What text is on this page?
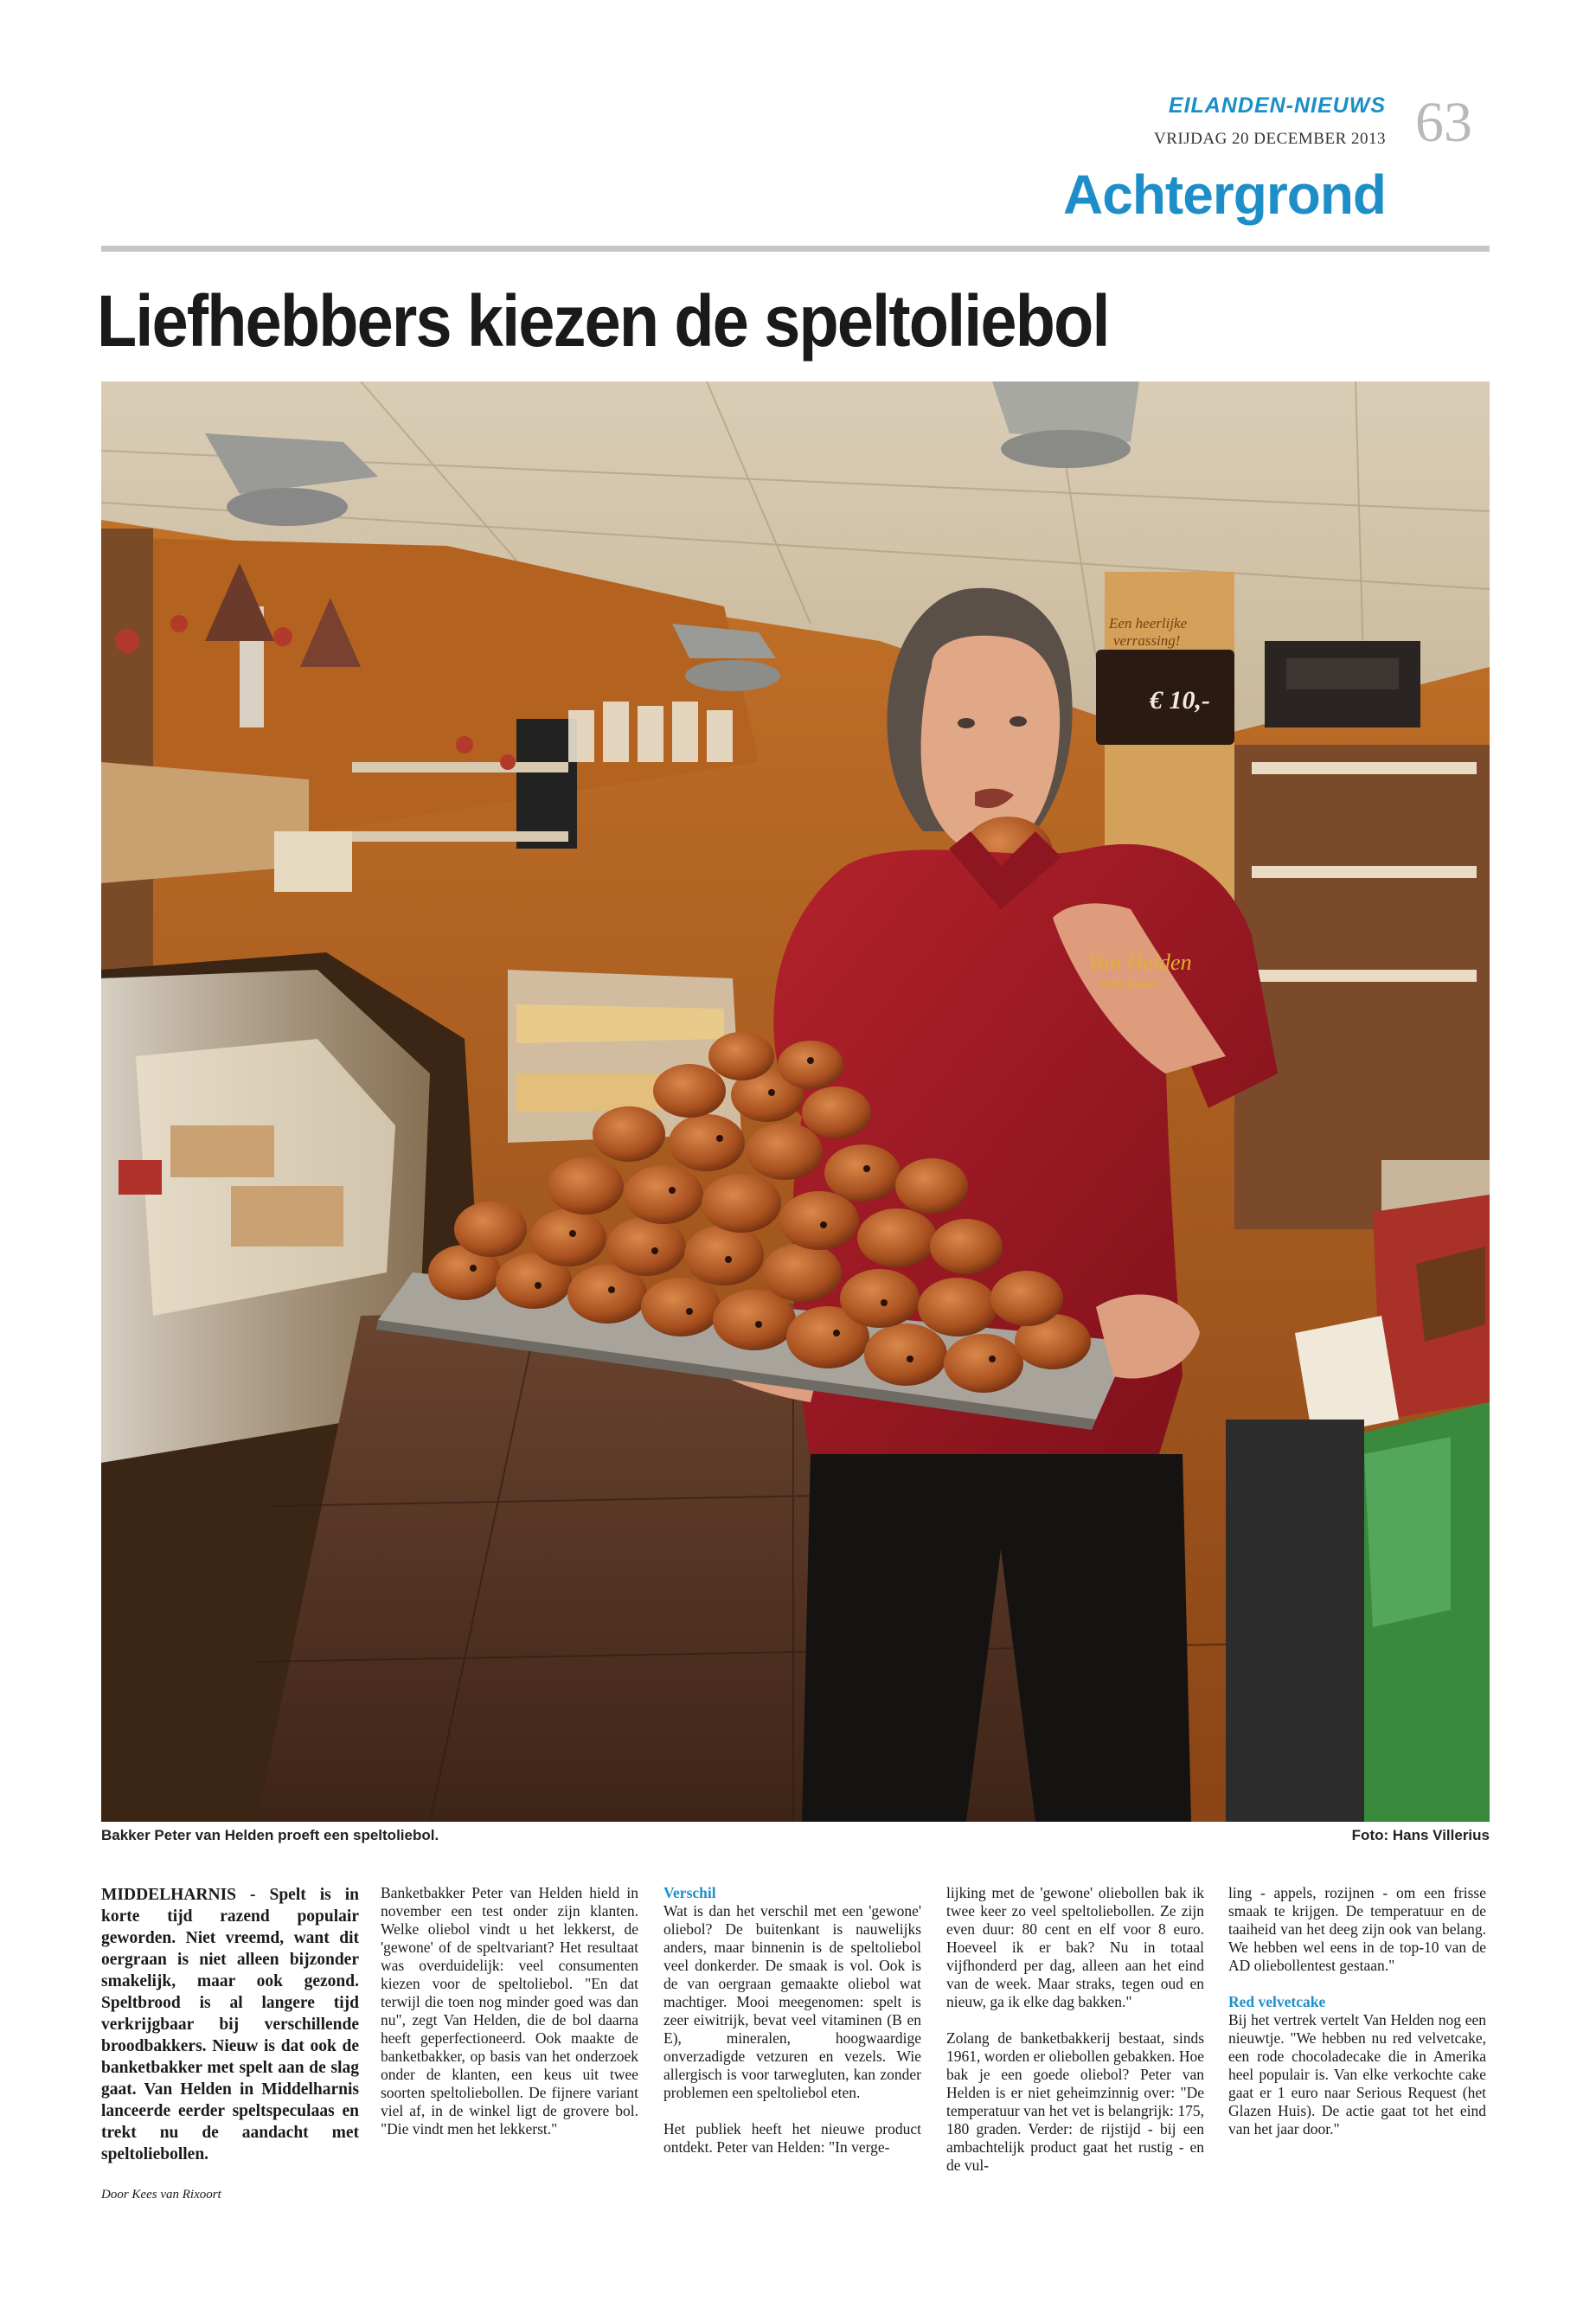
EILANDEN-NIEUWS
VRIJDAG 20 DECEMBER 2013 63
Achtergrond
Liefhebbers kiezen de speltoliebol
Een heerlijke
verrassing!
€ 10,-
Van Helden
echte bakker
Bakker Peter van Helden proeft een speltoliebol.	Foto: Hans Villerius
MIDDELHARNIS - Spelt is in korte tijd razend populair geworden. Niet vreemd, want dit oergraan is niet alleen bijzonder smakelijk, maar ook gezond. Speltbrood is al langere tijd verkrijgbaar bij verschillende broodbakkers. Nieuw is dat ook de banketbakker met spelt aan de slag gaat. Van Helden in Middelharnis lanceerde eerder speltspeculaas en trekt nu de aandacht met speltoliebollen.
Door Kees van Rixoort

Banketbakker Peter van Helden hield in november een test onder zijn klanten. Welke oliebol vindt u het lekkerst, de 'gewone' of de speltvariant? Het resultaat was overduidelijk: veel consumenten kiezen voor de speltoliebol. "En dat terwijl die toen nog minder goed was dan nu", zegt Van Helden, die de bol daarna heeft geperfectioneerd. Ook maakte de banketbakker, op basis van het onderzoek onder de klanten, een keus uit twee soorten speltoliebollen. De fijnere variant viel af, in de winkel ligt de grovere bol. "Die vindt men het lekkerst."

Verschil

Wat is dan het verschil met een 'gewone' oliebol? De buitenkant is nauwelijks anders, maar binnenin is de speltoliebol veel donkerder. De smaak is vol. Ook is de van oergraan gemaakte oliebol wat machtiger. Mooi meegenomen: spelt is zeer eiwitrijk, bevat veel vitaminen (B en E), mineralen, hoogwaardige onverzadigde vetzuren en vezels. Wie allergisch is voor tarwegluten, kan zonder problemen een speltoliebol eten.

Het publiek heeft het nieuwe product ontdekt. Peter van Helden: "In verge-

lijking met de 'gewone' oliebollen bak ik twee keer zo veel speltoliebollen. Ze zijn even duur: 80 cent en elf voor 8 euro. Hoeveel ik er bak? Nu in totaal vijfhonderd per dag, alleen aan het eind van de week. Maar straks, tegen oud en nieuw, ga ik elke dag bakken."

Zolang de banketbakkerij bestaat, sinds 1961, worden er oliebollen gebakken. Hoe bak je een goede oliebol? Peter van Helden is er niet geheimzinnig over: "De temperatuur van het vet is belangrijk: 175, 180 graden. Verder: de rijstijd - bij een ambachtelijk product gaat het rustig - en de vul-

ling - appels, rozijnen - om een frisse smaak te krijgen. De temperatuur en de taaiheid van het deeg zijn ook van belang. We hebben wel eens in de top-10 van de AD oliebollentest gestaan."

Red velvetcake

Bij het vertrek vertelt Van Helden nog een nieuwtje. "We hebben nu red velvetcake, een rode chocoladecake die in Amerika heel populair is. Van elke verkochte cake gaat er 1 euro naar Serious Request (het Glazen Huis). De actie gaat tot het eind van het jaar door."
